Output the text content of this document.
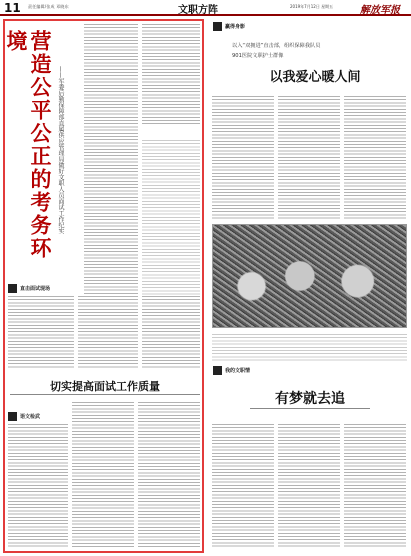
11 责任编辑/张成 邓晓东	文职方阵	2019年7月12日 星期五	解放军报
营造公平公正的考务环境
——军委后勤保障部直属供应管理局做好文职人员面试工作纪实
直击面试现场
切实提高面试工作质量
语文检武
赢得身影
以入“双拥进”直击部，组织保障我队员
901医院文职护士群像
以我爱心暖人间
我的文职情
有梦就去追
